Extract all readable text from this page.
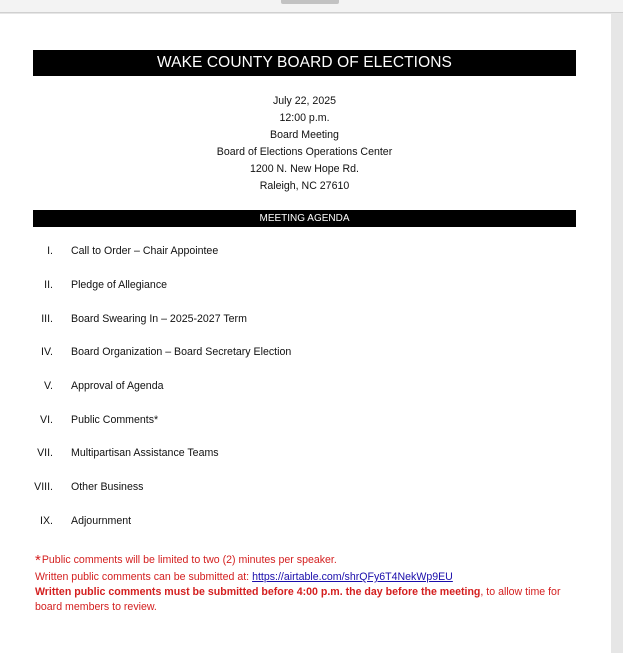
WAKE COUNTY BOARD OF ELECTIONS
July 22, 2025
12:00 p.m.
Board Meeting
Board of Elections Operations Center
1200 N. New Hope Rd.
Raleigh, NC 27610
MEETING AGENDA
I. Call to Order – Chair Appointee
II. Pledge of Allegiance
III. Board Swearing In – 2025-2027 Term
IV. Board Organization – Board Secretary Election
V. Approval of Agenda
VI. Public Comments*
VII. Multipartisan Assistance Teams
VIII. Other Business
IX. Adjournment
*Public comments will be limited to two (2) minutes per speaker.
Written public comments can be submitted at: https://airtable.com/shrQFy6T4NekWp9EU
Written public comments must be submitted before 4:00 p.m. the day before the meeting, to allow time for board members to review.
